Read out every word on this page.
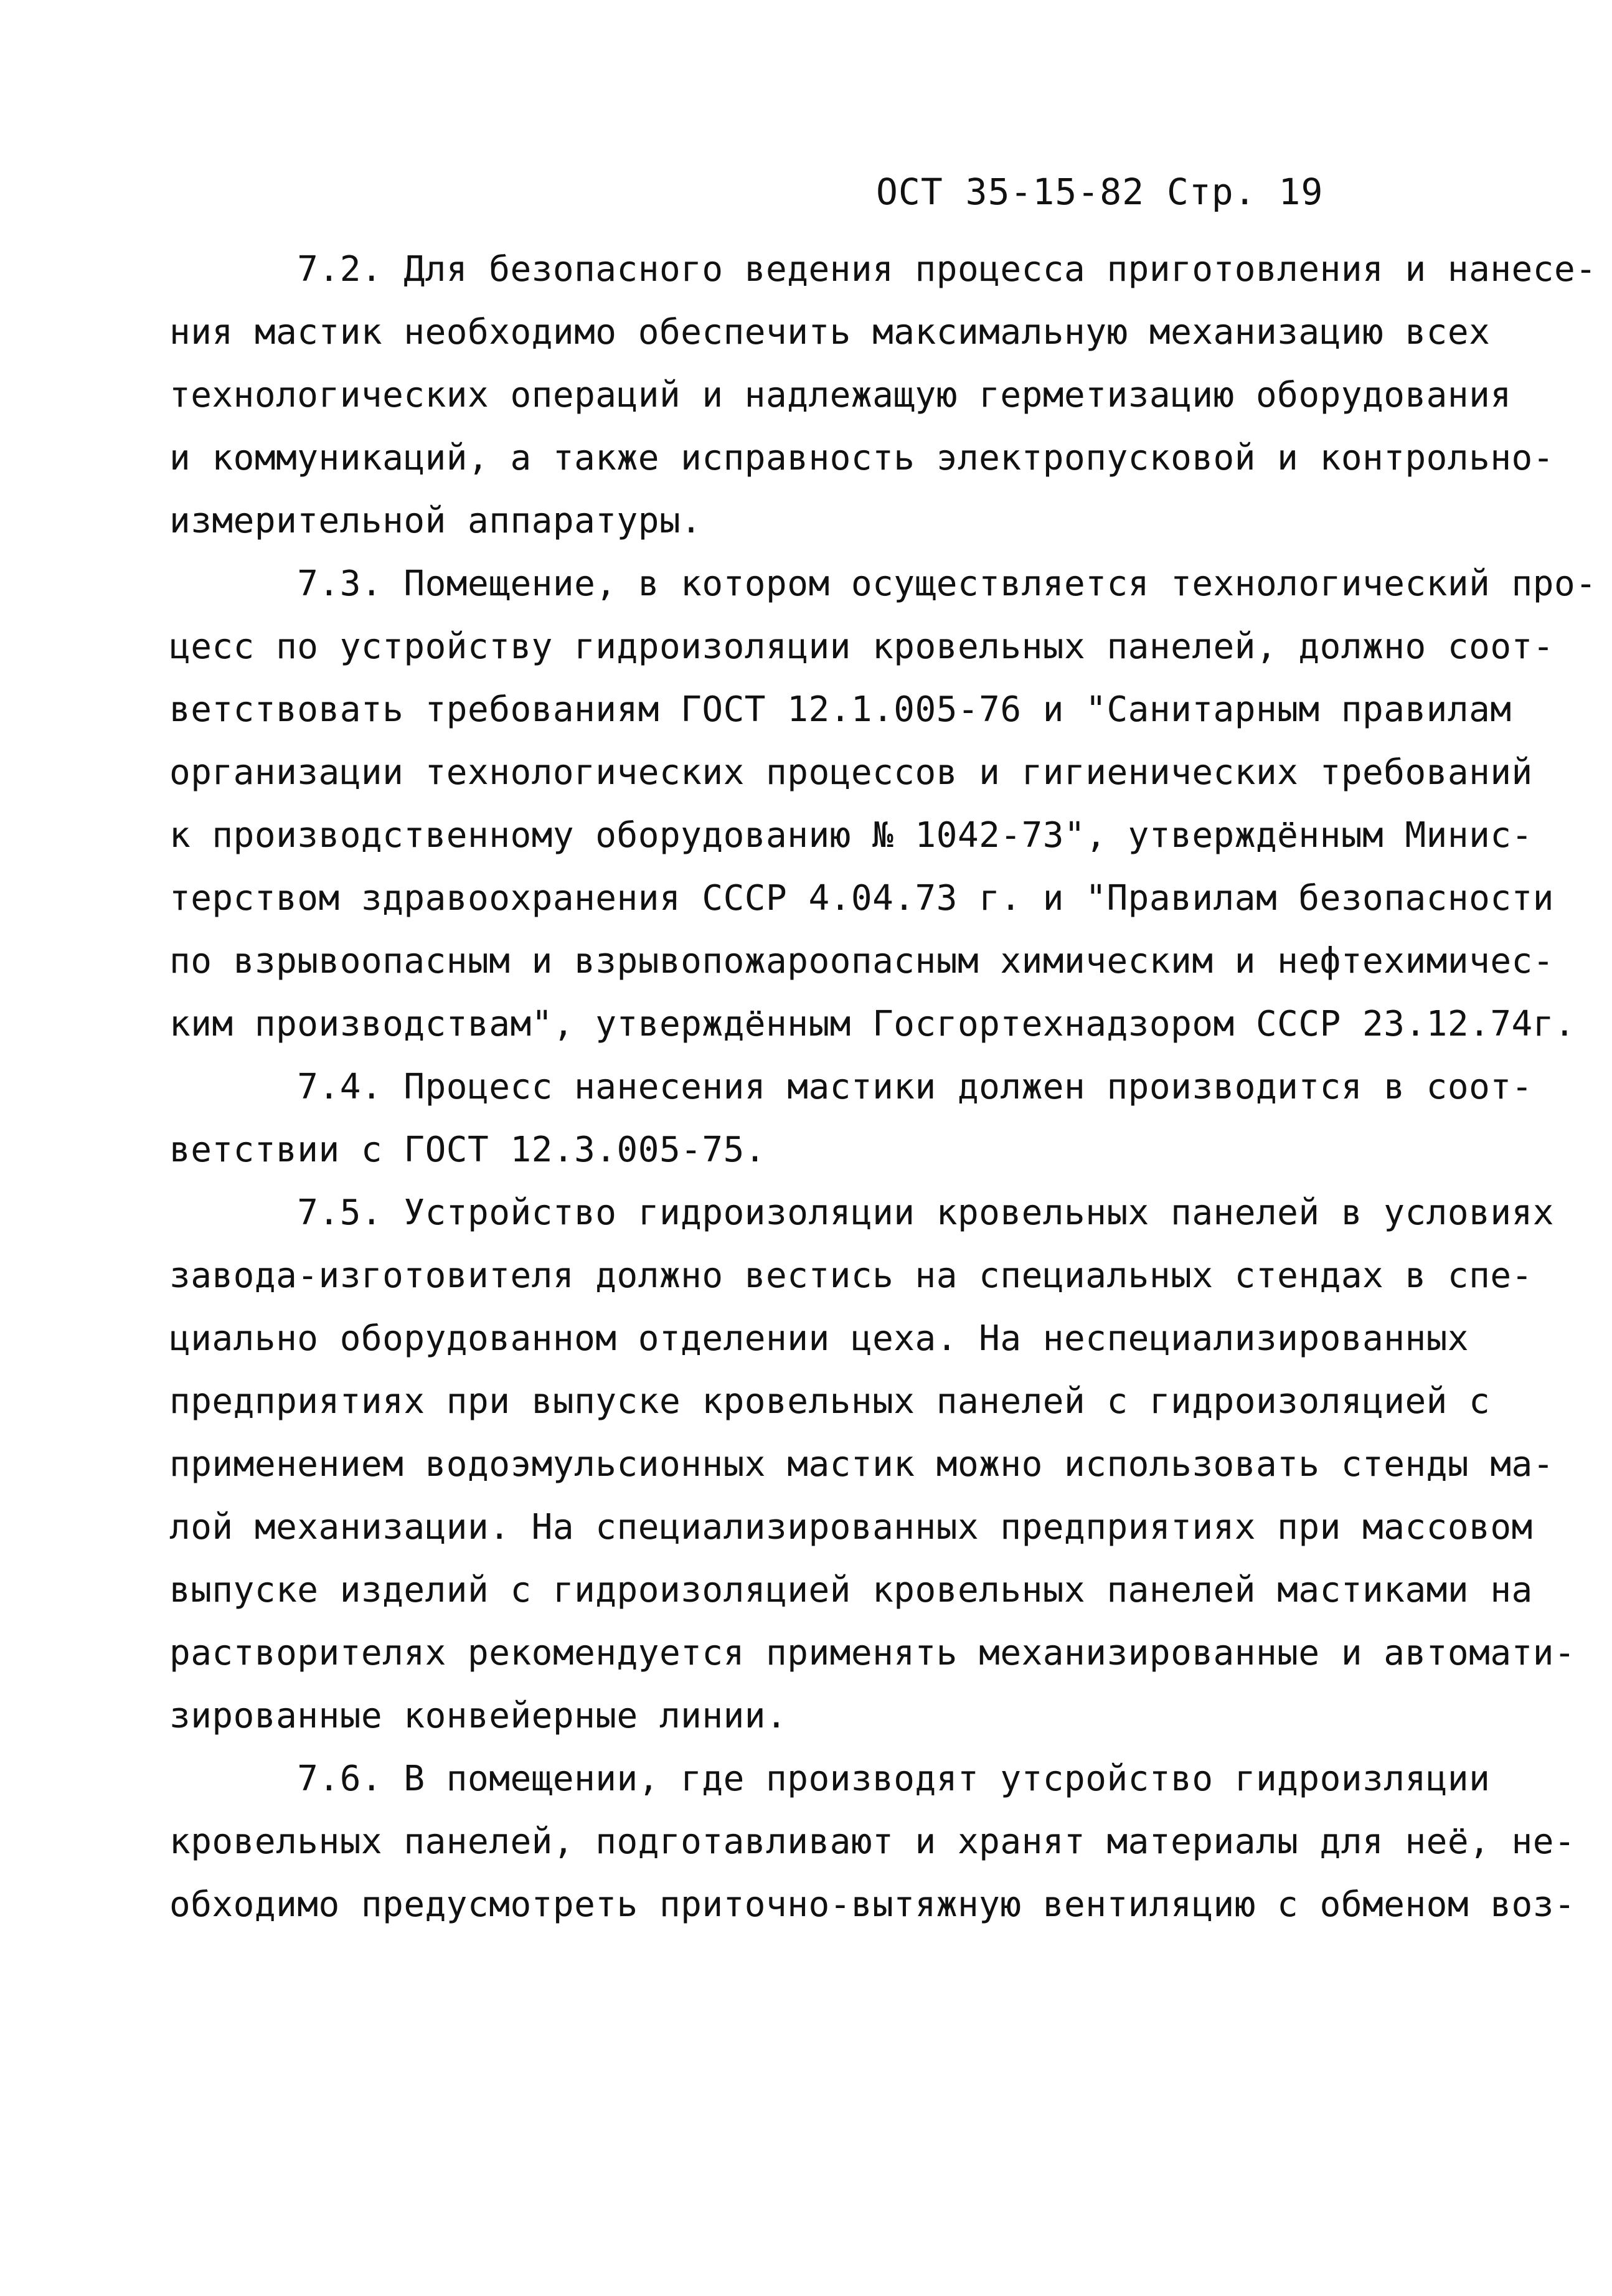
ОСТ 35-15-82 Стр. 19
7.2. Для безопасного ведения процесса приготовления и нанесе-
ния мастик необходимо обеспечить максимальную механизацию всех
технологических операций и надлежащую герметизацию оборудования
и коммуникаций, а также исправность электропусковой и контрольно-
измерительной аппаратуры.
7.3. Помещение, в котором осуществляется технологический про-
цесс по устройству гидроизоляции кровельных панелей, должно соот-
ветствовать требованиям ГОСТ 12.1.005-76 и "Санитарным правилам
организации технологических процессов и гигиенических требований
к производственному оборудованию № 1042-73", утверждённым Минис-
терством здравоохранения СССР 4.04.73 г. и "Правилам безопасности
по взрывоопасным и взрывопожароопасным химическим и нефтехимичес-
ким производствам", утверждённым Госгортехнадзором СССР 23.12.74г.
7.4. Процесс нанесения мастики должен производится в соот-
ветствии с ГОСТ 12.3.005-75.
7.5. Устройство гидроизоляции кровельных панелей в условиях
завода-изготовителя должно вестись на специальных стендах в спе-
циально оборудованном отделении цеха. На неспециализированных
предприятиях при выпуске кровельных панелей с гидроизоляцией с
применением водоэмульсионных мастик можно использовать стенды ма-
лой механизации. На специализированных предприятиях при массовом
выпуске изделий с гидроизоляцией кровельных панелей мастиками на
растворителях рекомендуется применять механизированные и автомати-
зированные конвейерные линии.
7.6. В помещении, где производят утсройство гидроизляции
кровельных панелей, подготавливают и хранят материалы для неё, не-
обходимо предусмотреть приточно-вытяжную вентиляцию с обменом воз-
